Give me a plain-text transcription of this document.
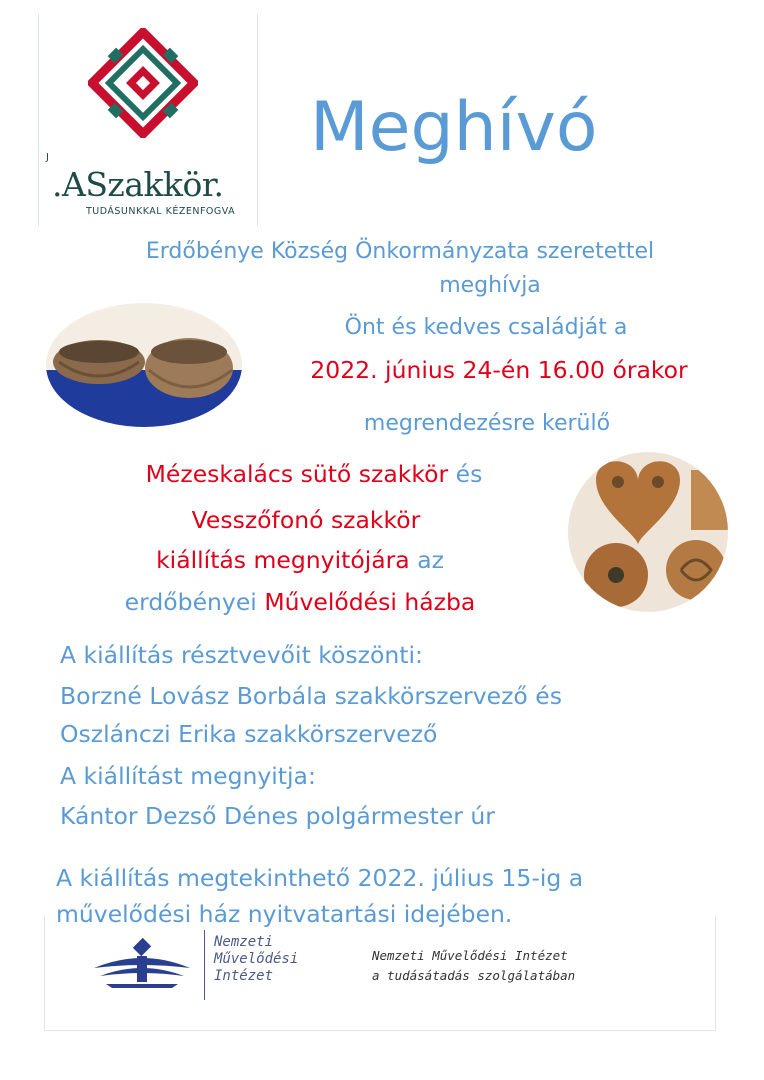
J
.ASzakkör.
TUDÁSUNKKAL KÉZENFOGVA
Meghívó
Erdőbénye Község Önkormányzata szeretettel
meghívja
Önt és kedves családját a
2022. június 24-én 16.00 órakor
megrendezésre kerülő
Mézeskalács sütő szakkör és
Vesszőfonó szakkör
kiállítás megnyitójára az
erdőbényei Művelődési házba
A kiállítás résztvevőit köszönti:
Borzné Lovász Borbála szakkörszervező és
Oszlánczi Erika szakkörszervező
A kiállítást megnyitja:
Kántor Dezső Dénes polgármester úr
A kiállítás megtekinthető 2022. július 15-ig a
művelődési ház nyitvatartási idejében.
Nemzeti
Művelődési
Intézet
Nemzeti Művelődési Intézet
a tudásátadás szolgálatában
